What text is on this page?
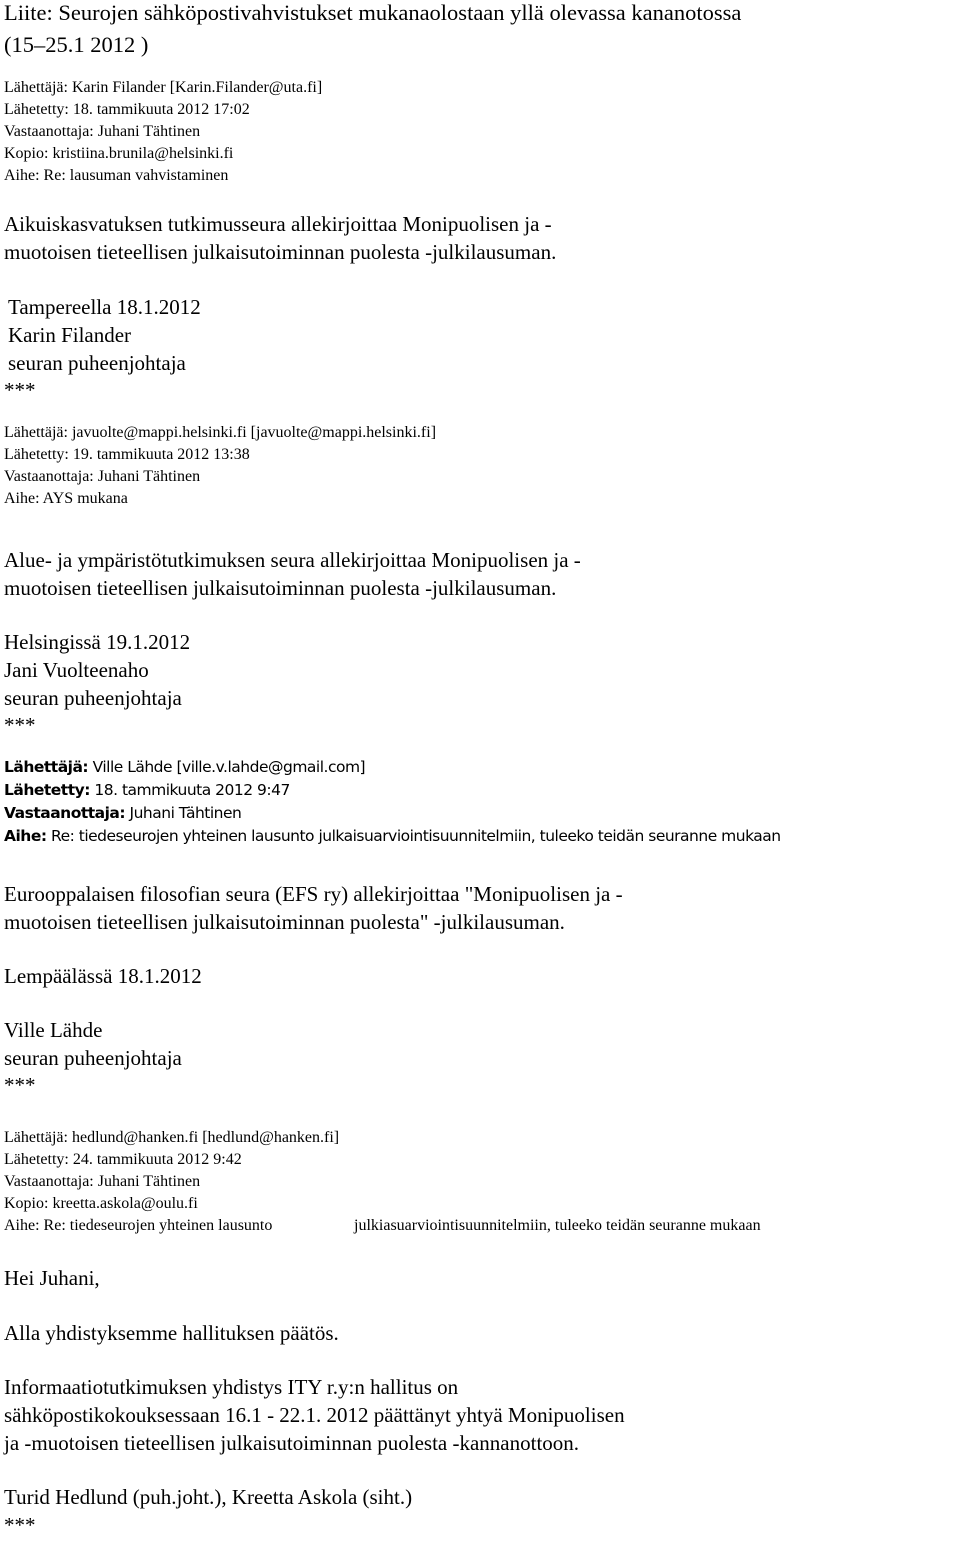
Liite: Seurojen sähköpostivahvistukset mukanaolostaan yllä olevassa kananotossa
(15–25.1 2012 )
Lähettäjä: Karin Filander [Karin.Filander@uta.fi]
Lähetetty: 18. tammikuuta 2012 17:02
Vastaanottaja: Juhani Tähtinen
Kopio: kristiina.brunila@helsinki.fi
Aihe: Re: lausuman vahvistaminen
Aikuiskasvatuksen tutkimusseura allekirjoittaa Monipuolisen ja -
muotoisen tieteellisen julkaisutoiminnan puolesta -julkilausuman.
Tampereella 18.1.2012
Karin Filander
seuran puheenjohtaja
***
Lähettäjä: javuolte@mappi.helsinki.fi [javuolte@mappi.helsinki.fi]
Lähetetty: 19. tammikuuta 2012 13:38
Vastaanottaja: Juhani Tähtinen
Aihe: AYS mukana
Alue- ja ympäristötutkimuksen seura allekirjoittaa Monipuolisen ja -
muotoisen tieteellisen julkaisutoiminnan puolesta -julkilausuman.
Helsingissä 19.1.2012
Jani Vuolteenaho
seuran puheenjohtaja
***
Lähettäjä: Ville Lähde [ville.v.lahde@gmail.com]
Lähetetty: 18. tammikuuta 2012 9:47
Vastaanottaja: Juhani Tähtinen
Aihe: Re: tiedeseurojen yhteinen lausunto julkaisuarviointisuunnitelmiin, tuleeko teidän seuranne mukaan
Eurooppalaisen filosofian seura (EFS ry) allekirjoittaa "Monipuolisen ja -
muotoisen tieteellisen julkaisutoiminnan puolesta" -julkilausuman.
Lempäälässä 18.1.2012
Ville Lähde
seuran puheenjohtaja
***
Lähettäjä: hedlund@hanken.fi [hedlund@hanken.fi]
Lähetetty: 24. tammikuuta 2012 9:42
Vastaanottaja: Juhani Tähtinen
Kopio: kreetta.askola@oulu.fi
Aihe: Re: tiedeseurojen yhteinen lausunto	julkiasuarviointisuunnitelmiin, tuleeko teidän seuranne mukaan
Hei Juhani,
Alla yhdistyksemme hallituksen päätös.
Informaatiotutkimuksen yhdistys ITY r.y:n hallitus on
sähköpostikokouksessaan 16.1 - 22.1. 2012 päättänyt yhtyä Monipuolisen
ja -muotoisen tieteellisen julkaisutoiminnan puolesta -kannanottoon.
Turid Hedlund (puh.joht.), Kreetta Askola (siht.)
***
